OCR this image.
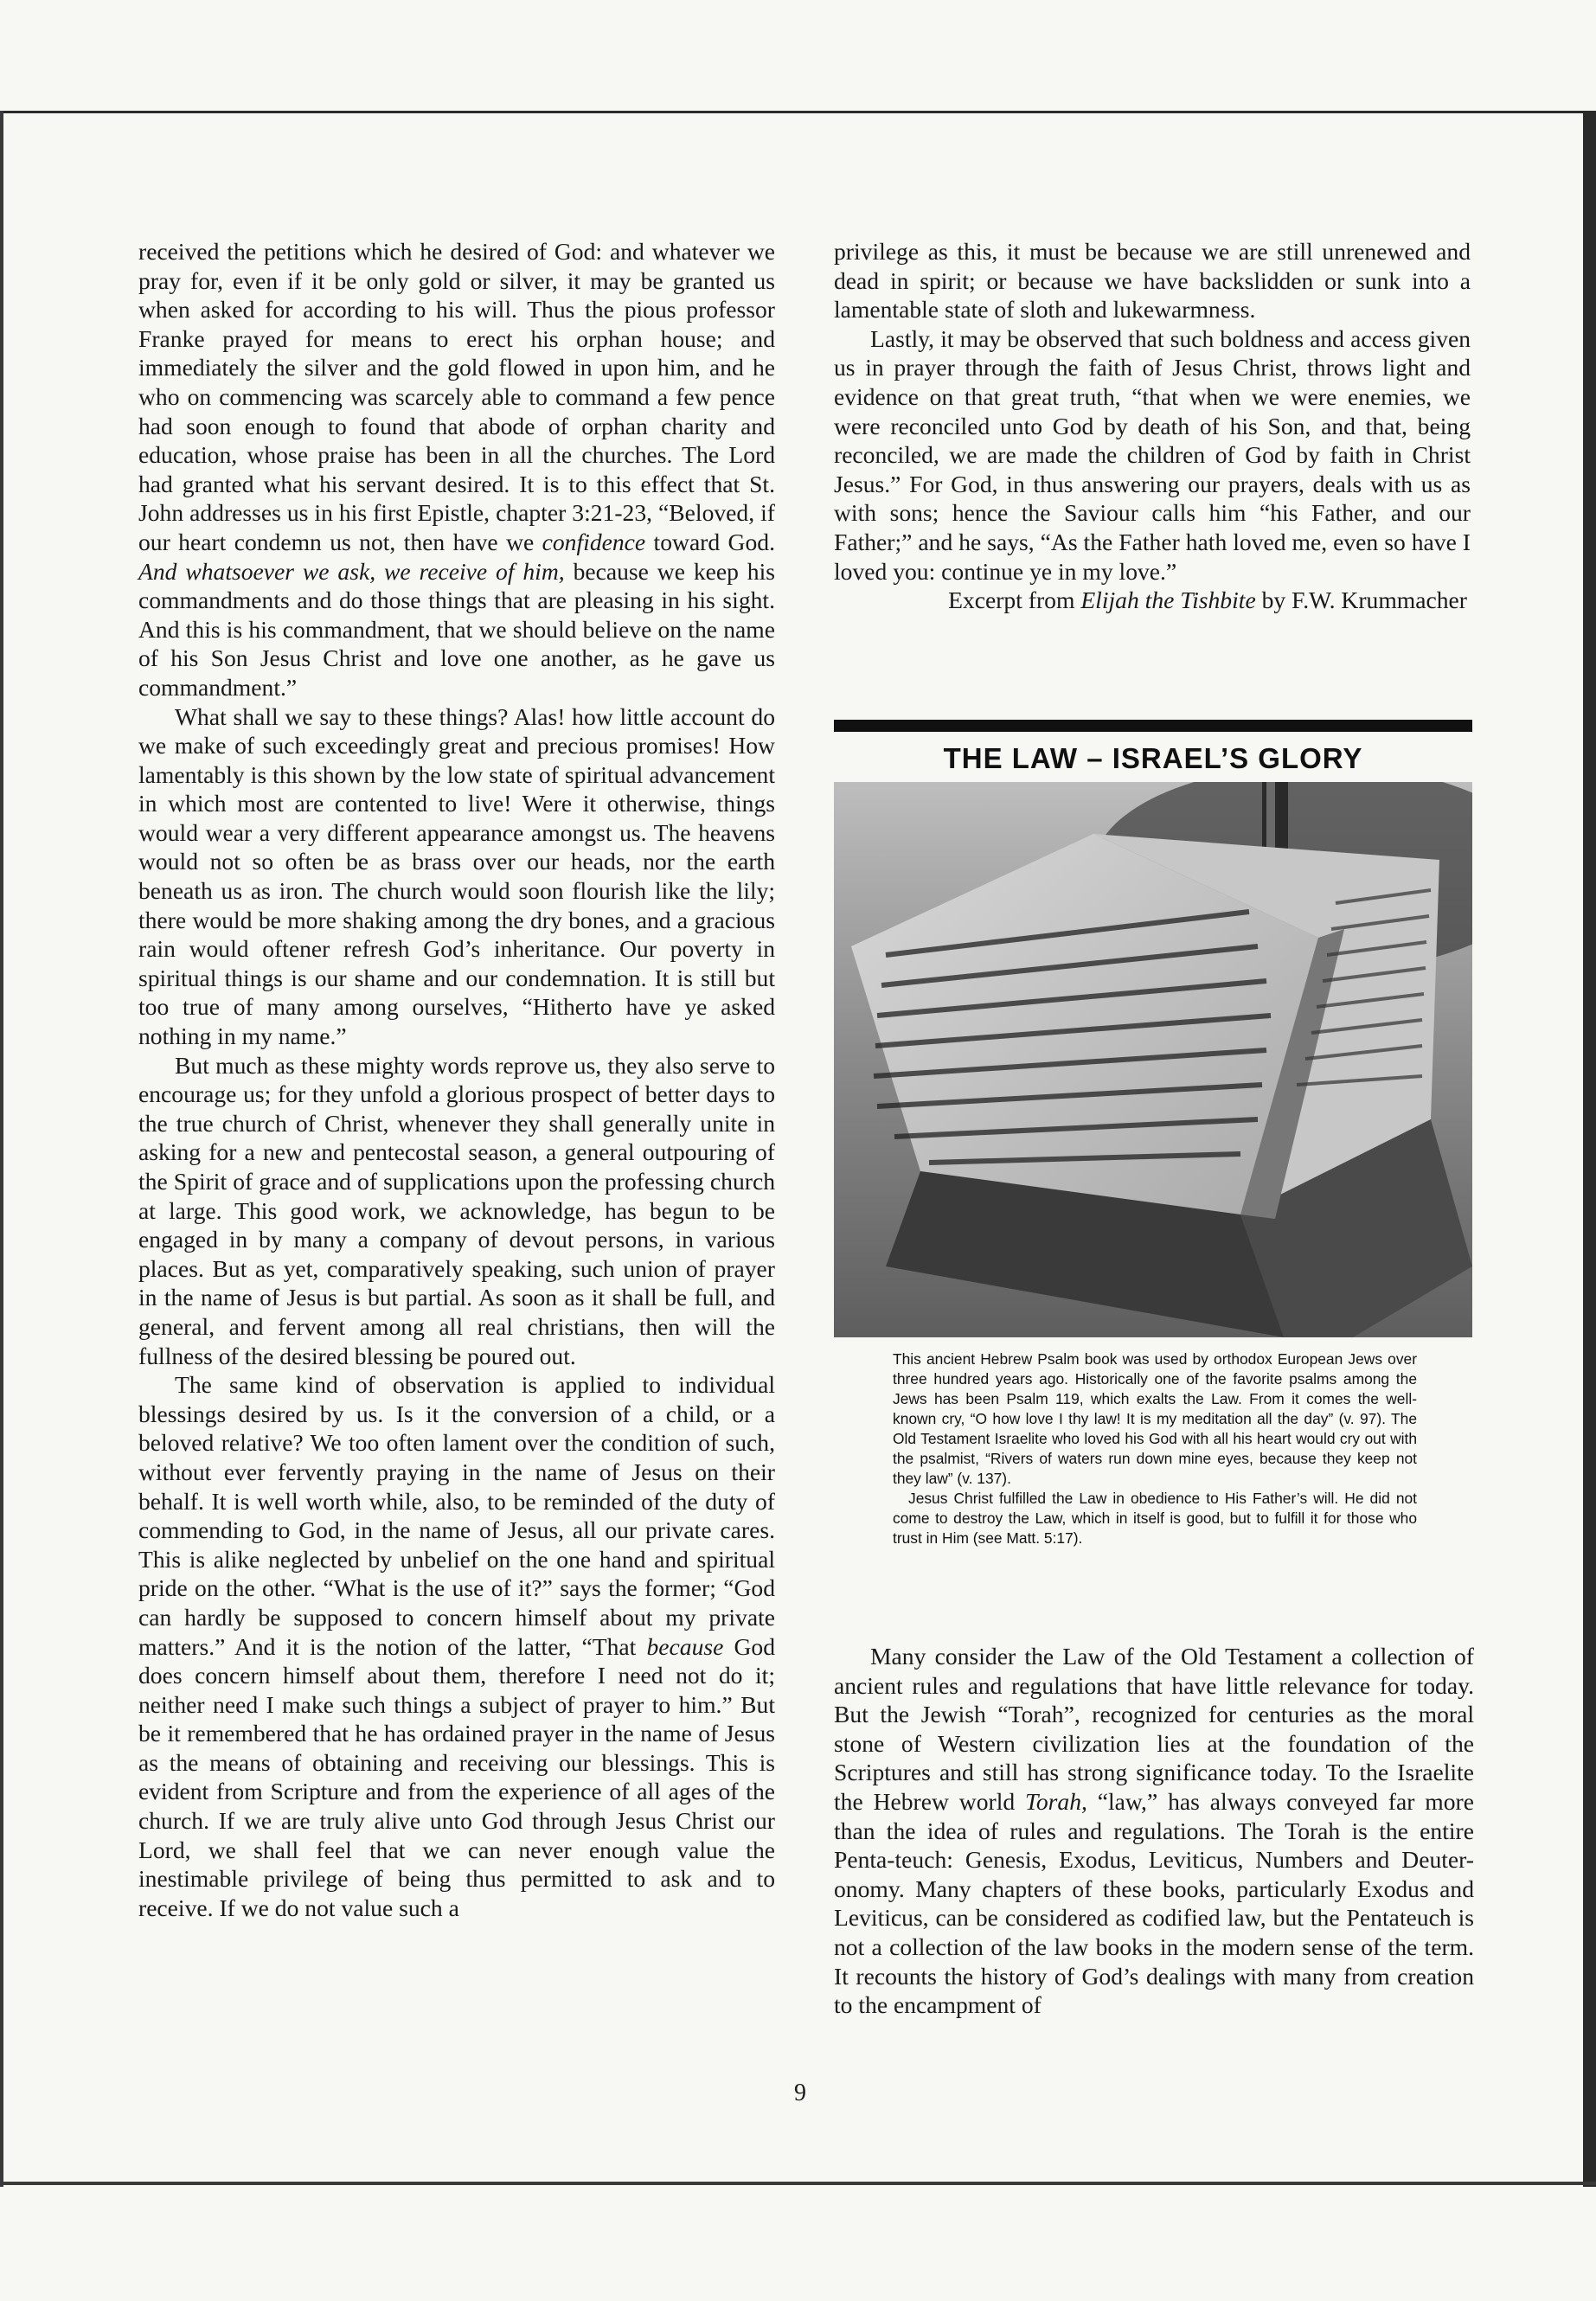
received the petitions which he desired of God: and whatever we pray for, even if it be only gold or silver, it may be granted us when asked for according to his will. Thus the pious professor Franke prayed for means to erect his orphan house; and immediately the silver and the gold flowed in upon him, and he who on commencing was scarcely able to command a few pence had soon enough to found that abode of orphan charity and education, whose praise has been in all the churches. The Lord had granted what his servant desired. It is to this effect that St. John addresses us in his first Epistle, chapter 3:21-23, “Beloved, if our heart condemn us not, then have we confidence toward God. And whatsoever we ask, we receive of him, because we keep his commandments and do those things that are pleasing in his sight. And this is his commandment, that we should believe on the name of his Son Jesus Christ and love one another, as he gave us commandment.”

What shall we say to these things? Alas! how little account do we make of such exceedingly great and precious promises! How lamentably is this shown by the low state of spiritual advancement in which most are contented to live! Were it otherwise, things would wear a very different appearance amongst us. The heavens would not so often be as brass over our heads, nor the earth beneath us as iron. The church would soon flourish like the lily; there would be more shaking among the dry bones, and a gracious rain would oftener refresh God’s inheritance. Our poverty in spiritual things is our shame and our condemnation. It is still but too true of many among ourselves, “Hitherto have ye asked nothing in my name.”

But much as these mighty words reprove us, they also serve to encourage us; for they unfold a glorious prospect of better days to the true church of Christ, whenever they shall generally unite in asking for a new and pentecostal season, a general outpouring of the Spirit of grace and of supplications upon the professing church at large. This good work, we acknowledge, has begun to be engaged in by many a company of devout persons, in various places. But as yet, comparatively speaking, such union of prayer in the name of Jesus is but partial. As soon as it shall be full, and general, and fervent among all real christians, then will the fullness of the desired blessing be poured out.

The same kind of observation is applied to individual blessings desired by us. Is it the conversion of a child, or a beloved relative? We too often lament over the condition of such, without ever fervently praying in the name of Jesus on their behalf. It is well worth while, also, to be reminded of the duty of commending to God, in the name of Jesus, all our private cares. This is alike neglected by unbelief on the one hand and spiritual pride on the other. “What is the use of it?” says the former; “God can hardly be supposed to concern himself about my private matters.” And it is the notion of the latter, “That because God does concern himself about them, therefore I need not do it; neither need I make such things a subject of prayer to him.” But be it remembered that he has ordained prayer in the name of Jesus as the means of obtaining and receiving our blessings. This is evident from Scripture and from the experience of all ages of the church. If we are truly alive unto God through Jesus Christ our Lord, we shall feel that we can never enough value the inestimable privilege of being thus permitted to ask and to receive. If we do not value such a

privilege as this, it must be because we are still unrenewed and dead in spirit; or because we have backslidden or sunk into a lamentable state of sloth and lukewarmness.

Lastly, it may be observed that such boldness and access given us in prayer through the faith of Jesus Christ, throws light and evidence on that great truth, “that when we were enemies, we were reconciled unto God by death of his Son, and that, being reconciled, we are made the children of God by faith in Christ Jesus.” For God, in thus answering our prayers, deals with us as with sons; hence the Saviour calls him “his Father, and our Father;” and he says, “As the Father hath loved me, even so have I loved you: continue ye in my love.”

Excerpt from Elijah the Tishbite by F.W. Krummacher

THE LAW – ISRAEL’S GLORY

This ancient Hebrew Psalm book was used by orthodox European Jews over three hundred years ago. Historically one of the favorite psalms among the Jews has been Psalm 119, which exalts the Law. From it comes the well-known cry, “O how love I thy law! It is my meditation all the day” (v. 97). The Old Testament Israelite who loved his God with all his heart would cry out with the psalmist, “Rivers of waters run down mine eyes, because they keep not they law” (v. 137).

Jesus Christ fulfilled the Law in obedience to His Father’s will. He did not come to destroy the Law, which in itself is good, but to fulfill it for those who trust in Him (see Matt. 5:17).

Many consider the Law of the Old Testament a collection of ancient rules and regulations that have little relevance for today. But the Jewish “Torah”, recognized for centuries as the moral stone of Western civilization lies at the foundation of the Scriptures and still has strong significance today. To the Israelite the Hebrew world Torah, “law,” has always conveyed far more than the idea of rules and regulations. The Torah is the entire Penta-teuch: Genesis, Exodus, Leviticus, Numbers and Deuter-onomy. Many chapters of these books, particularly Exodus and Leviticus, can be considered as codified law, but the Pentateuch is not a collection of the law books in the modern sense of the term. It recounts the history of God’s dealings with many from creation to the encampment of

9
